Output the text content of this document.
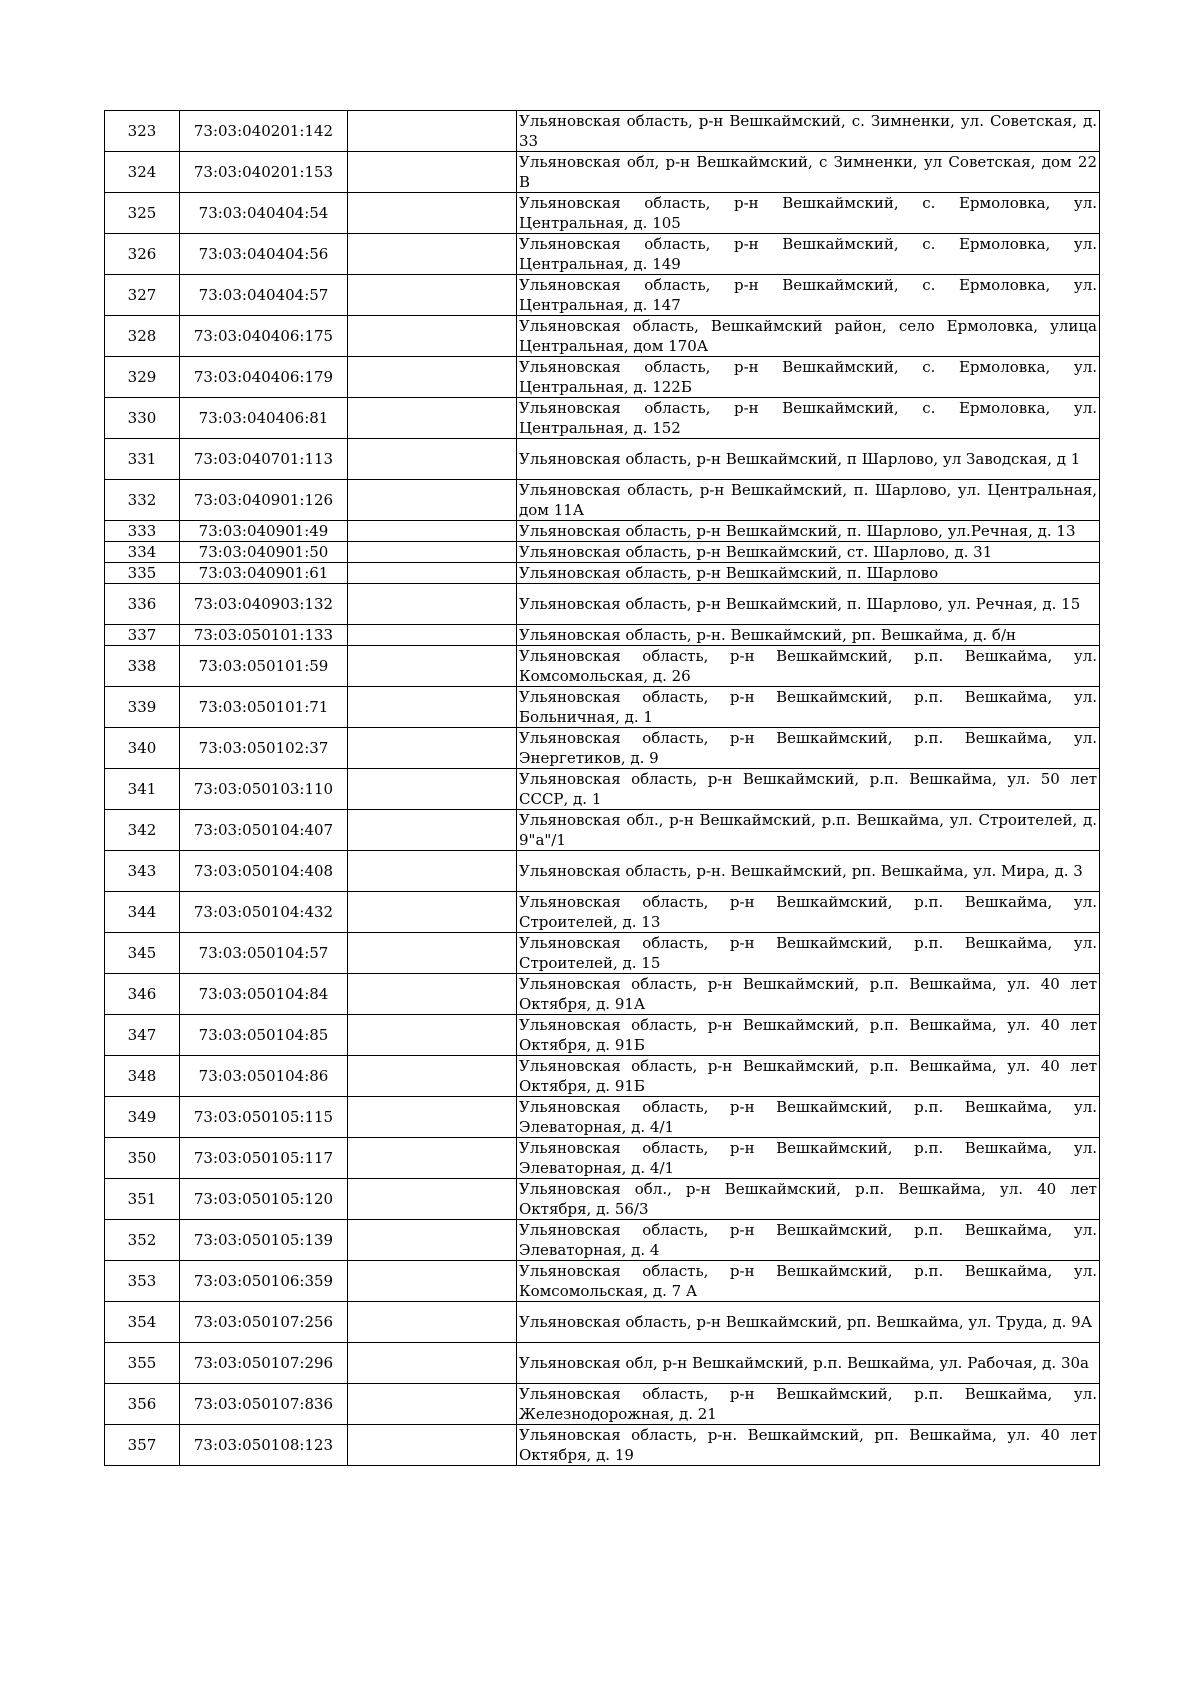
323	73:03:040201:142		Ульяновская область, р-н Вешкаймский, с. Зимненки, ул. Советская, д. 33
324	73:03:040201:153		Ульяновская обл, р-н Вешкаймский, с Зимненки, ул Советская, дом 22 В
325	73:03:040404:54		Ульяновская область, р-н Вешкаймский, с. Ермоловка, ул. Центральная, д. 105
326	73:03:040404:56		Ульяновская область, р-н Вешкаймский, с. Ермоловка, ул. Центральная, д. 149
327	73:03:040404:57		Ульяновская область, р-н Вешкаймский, с. Ермоловка, ул. Центральная, д. 147
328	73:03:040406:175		Ульяновская область, Вешкаймский район, село Ермоловка, улица Центральная, дом 170А
329	73:03:040406:179		Ульяновская область, р-н Вешкаймский, с. Ермоловка, ул. Центральная, д. 122Б
330	73:03:040406:81		Ульяновская область, р-н Вешкаймский, с. Ермоловка, ул. Центральная, д. 152
331	73:03:040701:113		Ульяновская область, р-н Вешкаймский, п Шарлово, ул Заводская, д 1
332	73:03:040901:126		Ульяновская область, р-н Вешкаймский, п. Шарлово, ул. Центральная, дом 11А
333	73:03:040901:49		Ульяновская область, р-н Вешкаймский, п. Шарлово, ул.Речная, д. 13
334	73:03:040901:50		Ульяновская область, р-н Вешкаймский, ст. Шарлово, д. 31
335	73:03:040901:61		Ульяновская область, р-н Вешкаймский, п. Шарлово
336	73:03:040903:132		Ульяновская область, р-н Вешкаймский, п. Шарлово, ул. Речная, д. 15
337	73:03:050101:133		Ульяновская область, р-н. Вешкаймский, рп. Вешкайма, д. б/н
338	73:03:050101:59		Ульяновская область, р-н Вешкаймский, р.п. Вешкайма, ул. Комсомольская, д. 26
339	73:03:050101:71		Ульяновская область, р-н Вешкаймский, р.п. Вешкайма, ул. Больничная, д. 1
340	73:03:050102:37		Ульяновская область, р-н Вешкаймский, р.п. Вешкайма, ул. Энергетиков, д. 9
341	73:03:050103:110		Ульяновская область, р-н Вешкаймский, р.п. Вешкайма, ул. 50 лет СССР, д. 1
342	73:03:050104:407		Ульяновская обл., р-н Вешкаймский, р.п. Вешкайма, ул. Строителей, д. 9"а"/1
343	73:03:050104:408		Ульяновская область, р-н. Вешкаймский, рп. Вешкайма, ул. Мира, д. 3
344	73:03:050104:432		Ульяновская область, р-н Вешкаймский, р.п. Вешкайма, ул. Строителей, д. 13
345	73:03:050104:57		Ульяновская область, р-н Вешкаймский, р.п. Вешкайма, ул. Строителей, д. 15
346	73:03:050104:84		Ульяновская область, р-н Вешкаймский, р.п. Вешкайма, ул. 40 лет Октября, д. 91А
347	73:03:050104:85		Ульяновская область, р-н Вешкаймский, р.п. Вешкайма, ул. 40 лет Октября, д. 91Б
348	73:03:050104:86		Ульяновская область, р-н Вешкаймский, р.п. Вешкайма, ул. 40 лет Октября, д. 91Б
349	73:03:050105:115		Ульяновская область, р-н Вешкаймский, р.п. Вешкайма, ул. Элеваторная, д. 4/1
350	73:03:050105:117		Ульяновская область, р-н Вешкаймский, р.п. Вешкайма, ул. Элеваторная, д. 4/1
351	73:03:050105:120		Ульяновская обл., р-н Вешкаймский, р.п. Вешкайма, ул. 40 лет Октября, д. 56/3
352	73:03:050105:139		Ульяновская область, р-н Вешкаймский, р.п. Вешкайма, ул. Элеваторная, д. 4
353	73:03:050106:359		Ульяновская область, р-н Вешкаймский, р.п. Вешкайма, ул. Комсомольская, д. 7 А
354	73:03:050107:256		Ульяновская область, р-н Вешкаймский, рп. Вешкайма, ул. Труда, д. 9А
355	73:03:050107:296		Ульяновская обл, р-н Вешкаймский, р.п. Вешкайма, ул. Рабочая, д. 30а
356	73:03:050107:836		Ульяновская область, р-н Вешкаймский, р.п. Вешкайма, ул. Железнодорожная, д. 21
357	73:03:050108:123		Ульяновская область, р-н. Вешкаймский, рп. Вешкайма, ул. 40 лет Октября, д. 19
